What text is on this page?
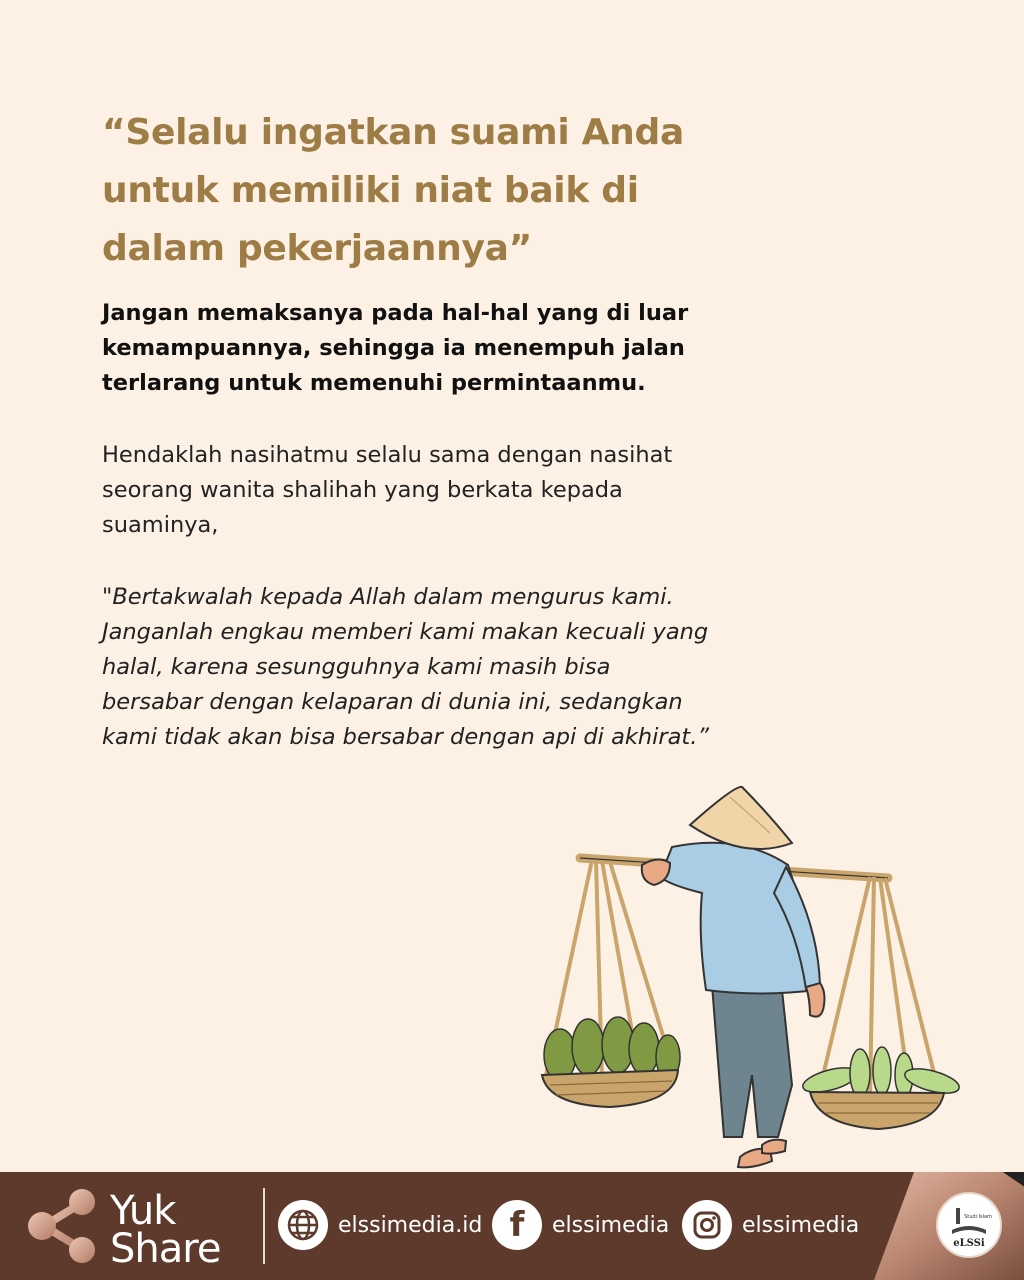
“Selalu ingatkan suami Anda
untuk memiliki niat baik di
dalam pekerjaannya”

Jangan memaksanya pada hal-hal yang di luar
kemampuannya, sehingga ia menempuh jalan
terlarang untuk memenuhi permintaanmu.

Hendaklah nasihatmu selalu sama dengan nasihat
seorang wanita shalihah yang berkata kepada
suaminya,

"Bertakwalah kepada Allah dalam mengurus kami.
Janganlah engkau memberi kami makan kecuali yang
halal, karena sesungguhnya kami masih bisa
bersabar dengan kelaparan di dunia ini, sedangkan
kami tidak akan bisa bersabar dengan api di akhirat.”

Yuk
Share
elssimedia.id f elssimedia	elssimedia	Studi Islam
eLSSi
